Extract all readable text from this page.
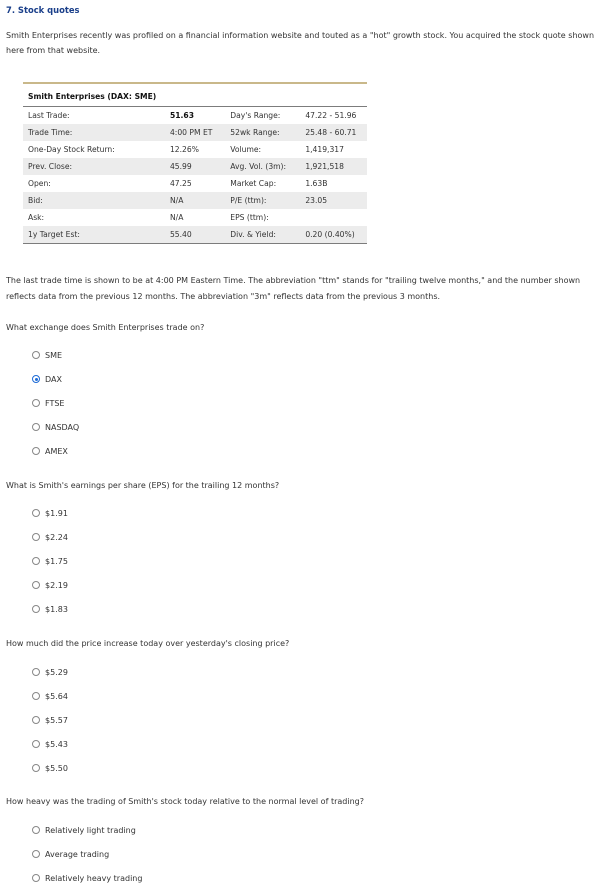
7. Stock quotes
Smith Enterprises recently was profiled on a financial information website and touted as a "hot" growth stock. You acquired the stock quote shown here from that website.

Smith Enterprises (DAX: SME)			
Last Trade:	51.63	Day's Range:	47.22 - 51.96
Trade Time:	4:00 PM ET	52wk Range:	25.48 - 60.71
One-Day Stock Return:	12.26%	Volume:	1,419,317
Prev. Close:	45.99	Avg. Vol. (3m):	1,921,518
Open:	47.25	Market Cap:	1.63B
Bid:	N/A	P/E (ttm):	23.05
Ask:	N/A	EPS (ttm):	
1y Target Est:	55.40	Div. & Yield:	0.20 (0.40%)
The last trade time is shown to be at 4:00 PM Eastern Time. The abbreviation "ttm" stands for "trailing twelve months," and the number shown reflects data from the previous 12 months. The abbreviation "3m" reflects data from the previous 3 months.
What exchange does Smith Enterprises trade on?
SME
DAX
FTSE
NASDAQ
AMEX
What is Smith's earnings per share (EPS) for the trailing 12 months?
$1.91
$2.24
$1.75
$2.19
$1.83
How much did the price increase today over yesterday's closing price?
$5.29
$5.64
$5.57
$5.43
$5.50
How heavy was the trading of Smith's stock today relative to the normal level of trading?
Relatively light trading
Average trading
Relatively heavy trading
